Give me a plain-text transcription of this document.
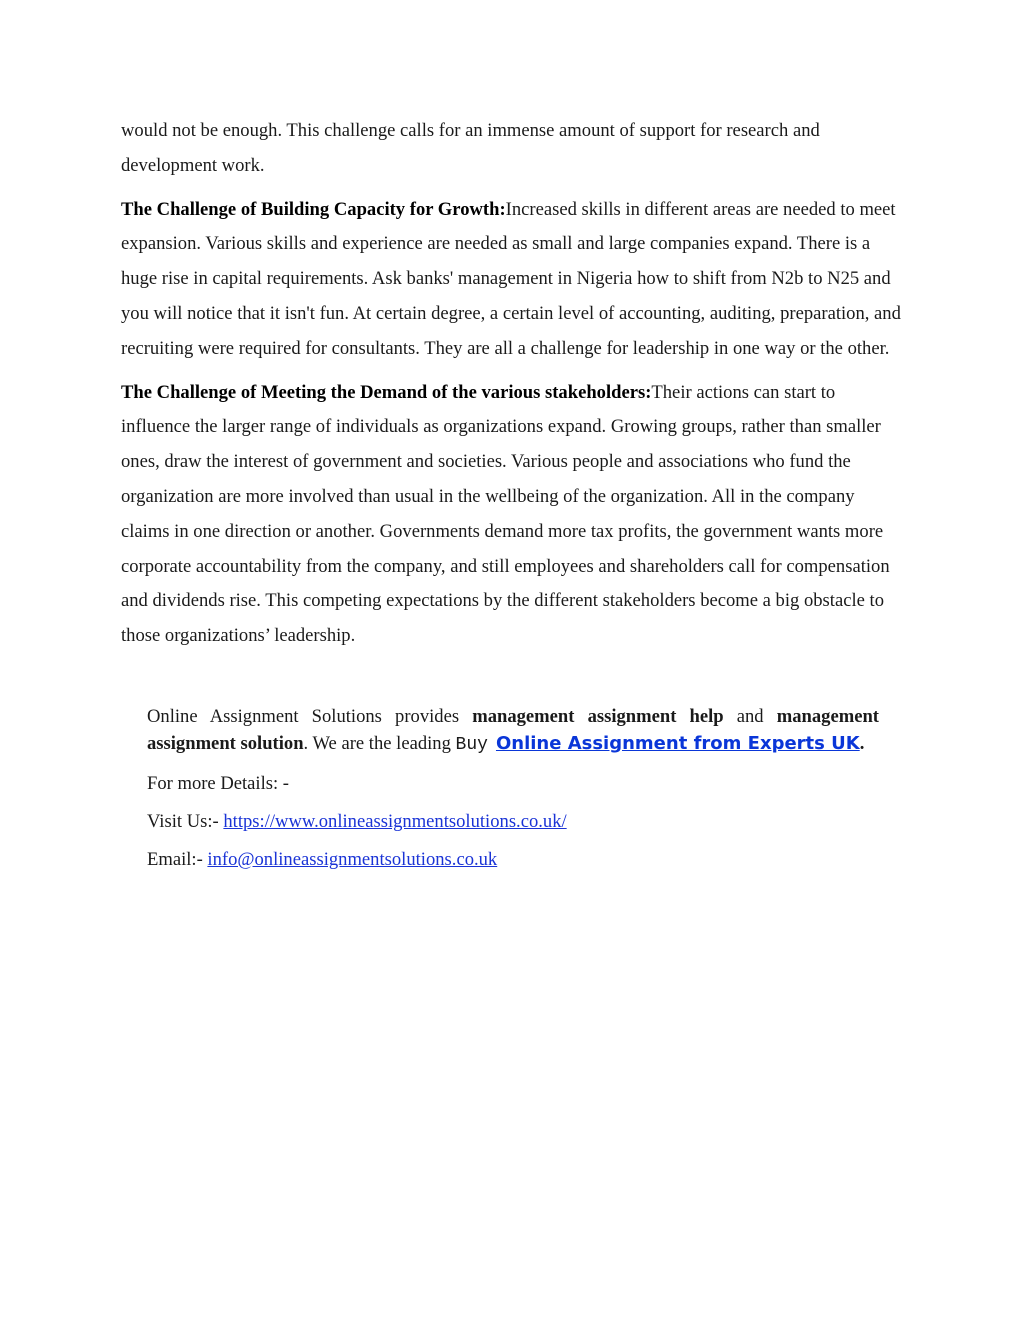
would not be enough. This challenge calls for an immense amount of support for research and development work.

The Challenge of Building Capacity for Growth:Increased skills in different areas are needed to meet expansion. Various skills and experience are needed as small and large companies expand. There is a huge rise in capital requirements. Ask banks' management in Nigeria how to shift from N2b to N25 and you will notice that it isn't fun. At certain degree, a certain level of accounting, auditing, preparation, and recruiting were required for consultants. They are all a challenge for leadership in one way or the other.

The Challenge of Meeting the Demand of the various stakeholders:Their actions can start to influence the larger range of individuals as organizations expand. Growing groups, rather than smaller ones, draw the interest of government and societies. Various people and associations who fund the organization are more involved than usual in the wellbeing of the organization. All in the company claims in one direction or another. Governments demand more tax profits, the government wants more corporate accountability from the company, and still employees and shareholders call for compensation and dividends rise. This competing expectations by the different stakeholders become a big obstacle to those organizations’ leadership.

Online Assignment Solutions provides management assignment help and management assignment solution. We are the leading Buy Online Assignment from Experts UK.

For more Details: -

Visit Us:- https://www.onlineassignmentsolutions.co.uk/

Email:- info@onlineassignmentsolutions.co.uk
